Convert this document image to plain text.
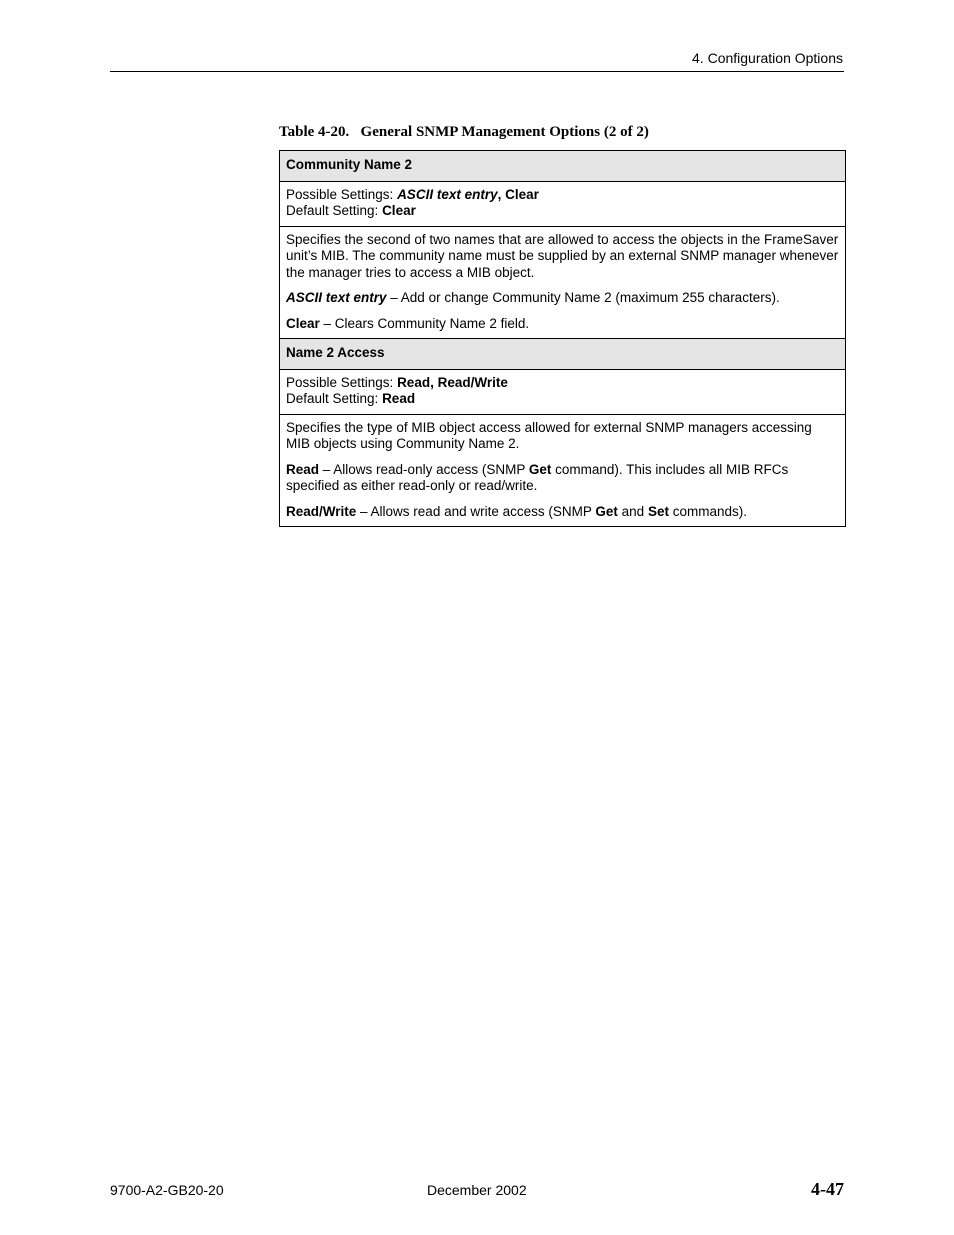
4. Configuration Options
Table 4-20.   General SNMP Management Options (2 of 2)
Community Name 2

Possible Settings: ASCII text entry, Clear
Default Setting: Clear

Specifies the second of two names that are allowed to access the objects in the FrameSaver unit’s MIB. The community name must be supplied by an external SNMP manager whenever the manager tries to access a MIB object.

ASCII text entry – Add or change Community Name 2 (maximum 255 characters).

Clear – Clears Community Name 2 field.

Name 2 Access

Possible Settings: Read, Read/Write
Default Setting: Read

Specifies the type of MIB object access allowed for external SNMP managers accessing MIB objects using Community Name 2.

Read – Allows read-only access (SNMP Get command). This includes all MIB RFCs specified as either read-only or read/write.

Read/Write – Allows read and write access (SNMP Get and Set commands).

9700-A2-GB20-20	December 2002	4-47
